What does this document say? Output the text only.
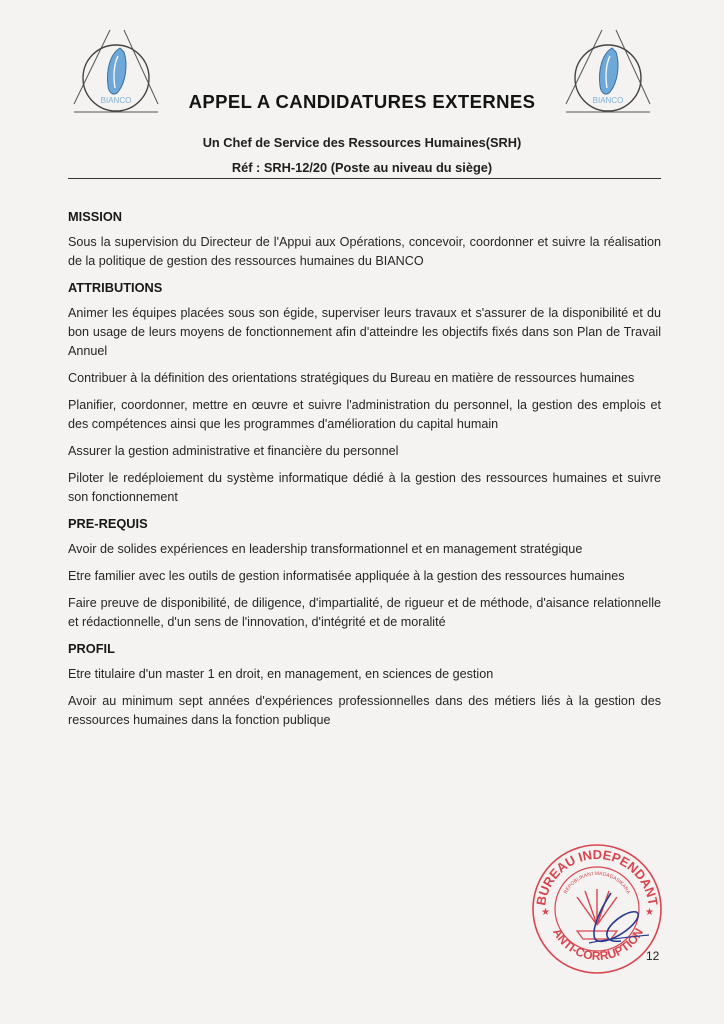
BIANCO	BIANCO
APPEL A CANDIDATURES EXTERNES
Un Chef de Service des Ressources Humaines(SRH)
Réf : SRH-12/20 (Poste au niveau du siège)
MISSION

Sous la supervision du Directeur de l'Appui aux Opérations, concevoir, coordonner et suivre la réalisation de la politique de gestion des ressources humaines du BIANCO

ATTRIBUTIONS

Animer les équipes placées sous son égide, superviser leurs travaux et s'assurer de la disponibilité et du bon usage de leurs moyens de fonctionnement afin d'atteindre les objectifs fixés dans son Plan de Travail Annuel

Contribuer à la définition des orientations stratégiques du Bureau en matière de ressources humaines

Planifier, coordonner, mettre en œuvre et suivre l'administration du personnel, la gestion des emplois et des compétences ainsi que les programmes d'amélioration du capital humain

Assurer la gestion administrative et financière du personnel

Piloter le redéploiement du système informatique dédié à la gestion des ressources humaines et suivre son fonctionnement

PRE-REQUIS

Avoir de solides expériences en leadership transformationnel et en management stratégique

Etre familier avec les outils de gestion informatisée appliquée à la gestion des ressources humaines

Faire preuve de disponibilité, de diligence, d'impartialité, de rigueur et de méthode, d'aisance relationnelle et rédactionnelle, d'un sens de l'innovation, d'intégrité et de moralité

PROFIL

Etre titulaire d'un master 1 en droit, en management, en sciences de gestion

Avoir au minimum sept années d'expériences professionnelles dans des métiers liés à la gestion des ressources humaines dans la fonction publique

BUREAU INDEPENDANT
ANTI-CORRUPTION
REPOBLIKAN'I MADAGASIKARA
★	★
12
